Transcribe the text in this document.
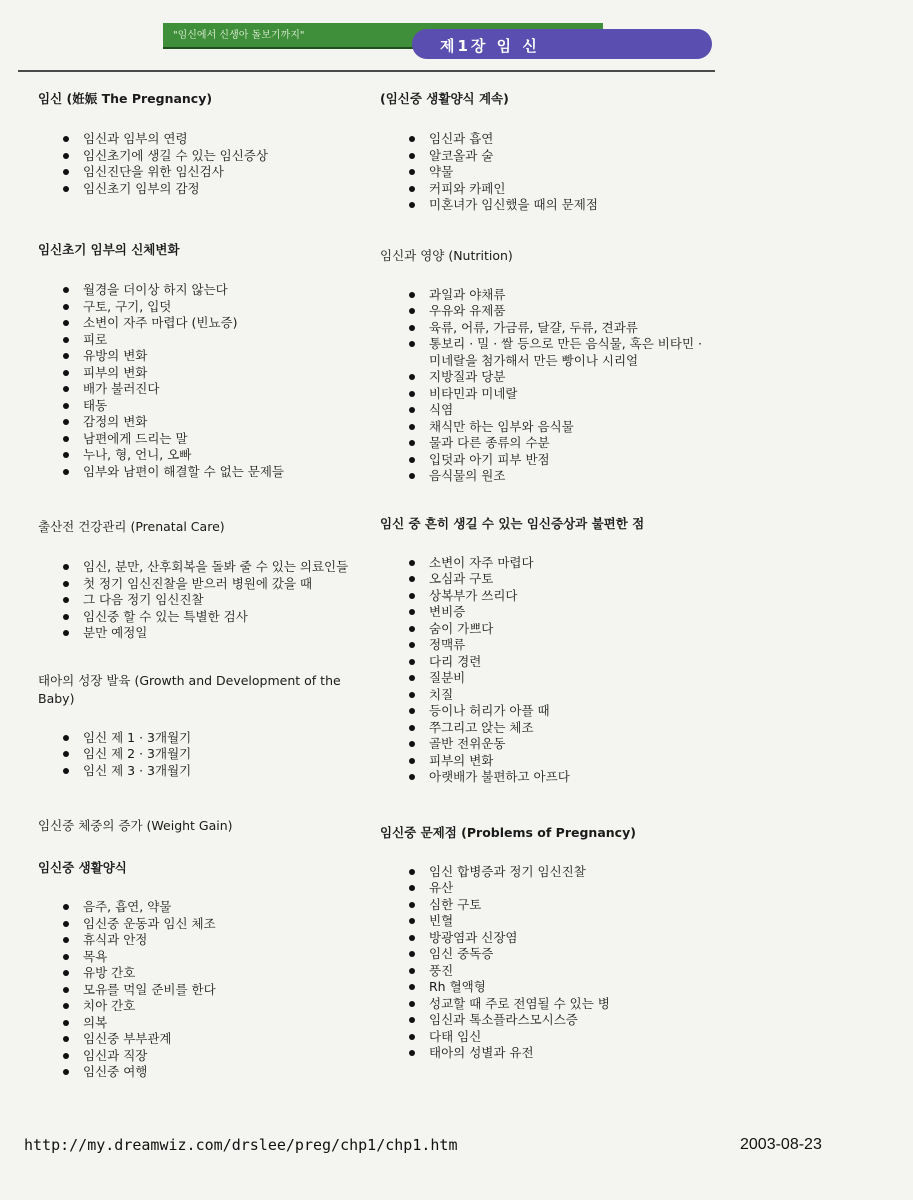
"임신에서 신생아 돌보기까지"
제1장 임 신

임신 (姙娠 The Pregnancy)

임신과 임부의 연령
임신초기에 생길 수 있는 임신증상
임신진단을 위한 임신검사
임신초기 임부의 감정

임신초기 임부의 신체변화

월경을 더이상 하지 않는다
구토, 구기, 입덧
소변이 자주 마렵다 (빈뇨증)
피로
유방의 변화
피부의 변화
배가 불러진다
태동
감정의 변화
남편에게 드리는 말
누나, 형, 언니, 오빠
임부와 남편이 해결할 수 없는 문제들

출산전 건강관리 (Prenatal Care)

임신, 분만, 산후회복을 돌봐 줄 수 있는 의료인들
첫 정기 임신진찰을 받으러 병원에 갔을 때
그 다음 정기 임신진찰
임신중 할 수 있는 특별한 검사
분만 예정일

태아의 성장 발육 (Growth and Development of the Baby)

임신 제 1 · 3개월기
임신 제 2 · 3개월기
임신 제 3 · 3개월기

임신중 체중의 증가 (Weight Gain)

임신중 생활양식

음주, 흡연, 약물
임신중 운동과 임신 체조
휴식과 안정
목욕
유방 간호
모유를 먹일 준비를 한다
치아 간호
의복
임신중 부부관계
임신과 직장
임신중 여행

(임신중 생활양식 계속)

임신과 흡연
알코올과 술
약물
커피와 카페인
미혼녀가 임신했을 때의 문제점

임신과 영양 (Nutrition)

과일과 야채류
우유와 유제품
육류, 어류, 가금류, 달걀, 두류, 견과류
통보리 · 밀 · 쌀 등으로 만든 음식물, 혹은 비타민 · 미네랄을 첨가해서 만든 빵이나 시리얼
지방질과 당분
비타민과 미네랄
식염
채식만 하는 임부와 음식물
물과 다른 종류의 수분
입덧과 아기 피부 반점
음식물의 원조

임신 중 흔히 생길 수 있는 임신증상과 불편한 점

소변이 자주 마렵다
오심과 구토
상복부가 쓰리다
변비증
숨이 가쁘다
정맥류
다리 경련
질분비
치질
등이나 허리가 아플 때
쭈그리고 앉는 체조
골반 전위운동
피부의 변화
아랫배가 불편하고 아프다

임신중 문제점 (Problems of Pregnancy)

임신 합병증과 정기 임신진찰
유산
심한 구토
빈혈
방광염과 신장염
임신 중독증
풍진
Rh 혈액형
성교할 때 주로 전염될 수 있는 병
임신과 톡소플라스모시스증
다태 임신
태아의 성별과 유전
http://my.dreamwiz.com/drslee/preg/chp1/chp1.htm	2003-08-23
